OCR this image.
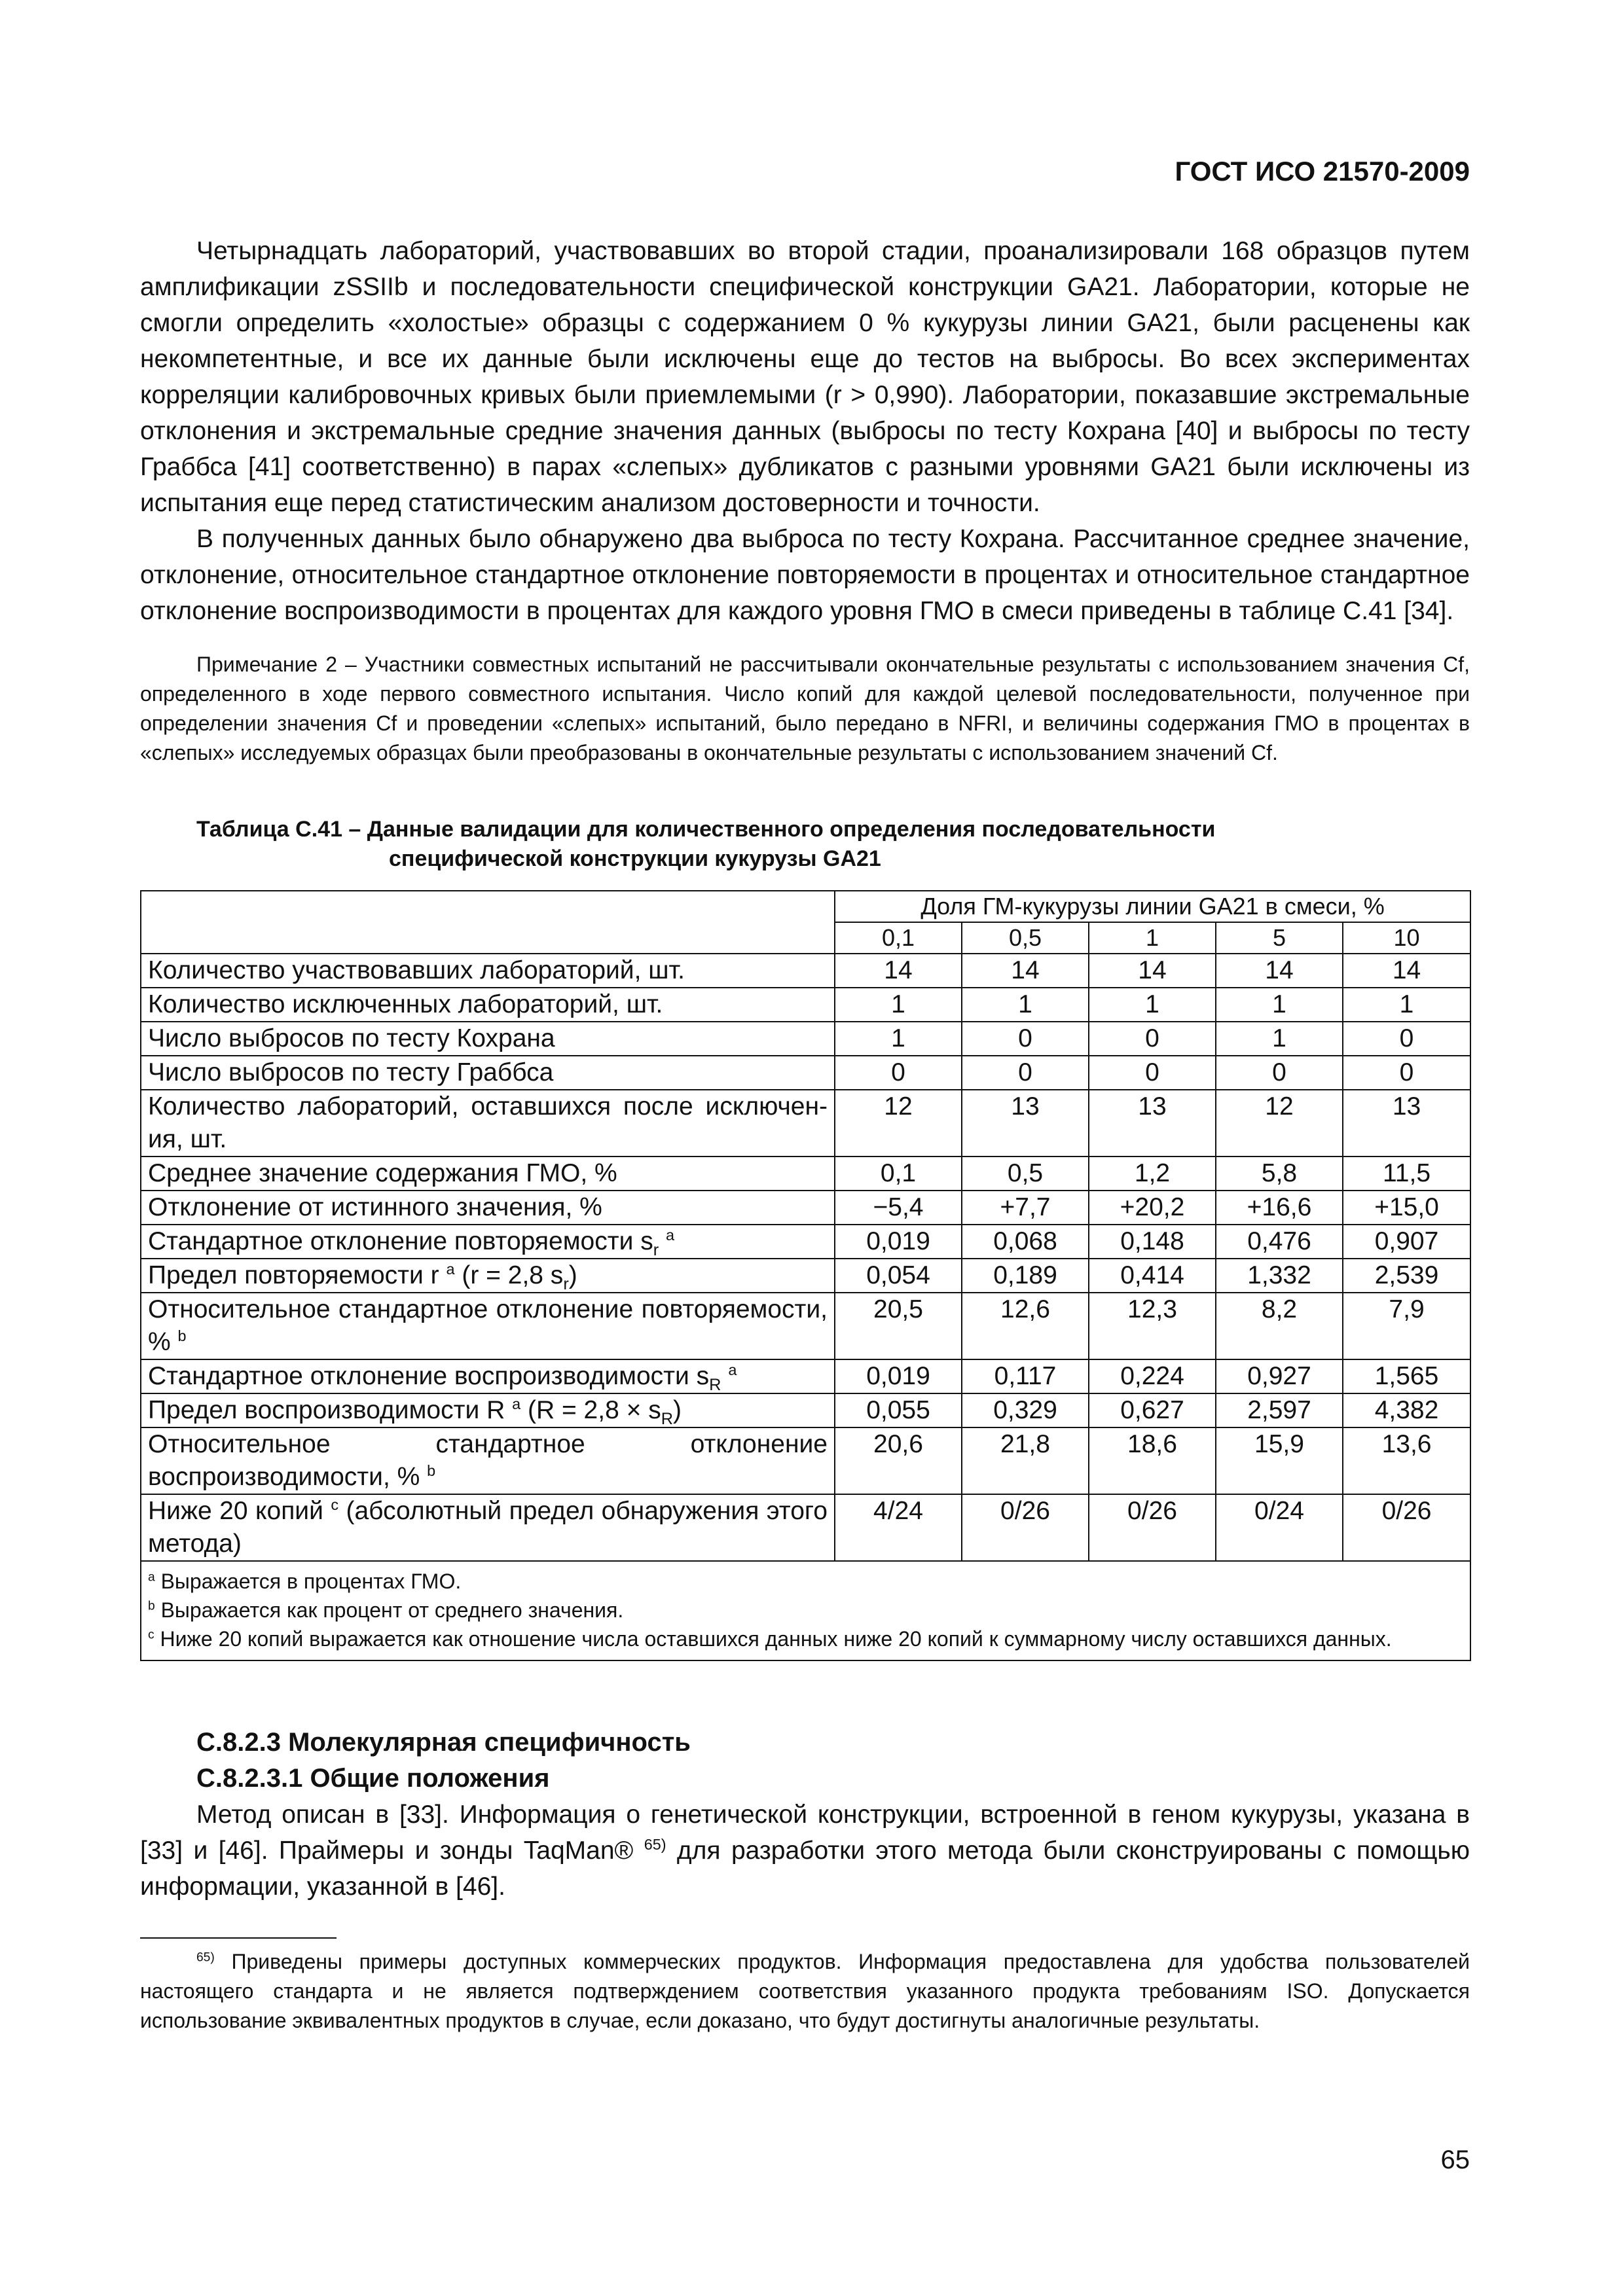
ГОСТ ИСО 21570-2009

Четырнадцать лабораторий, участвовавших во второй стадии, проанализировали 168 образцов путем амплификации zSSIIb и последовательности специфической конструкции GA21. Лаборатории, которые не смогли определить «холостые» образцы с содержанием 0 % кукурузы линии GA21, были расценены как некомпетентные, и все их данные были исключены еще до тестов на выбросы. Во всех экспериментах корреляции калибровочных кривых были приемлемыми (r > 0,990). Лаборатории, показавшие экстремальные отклонения и экстремальные средние значения данных (выбросы по тесту Кохрана [40] и выбросы по тесту Граббса [41] соответственно) в парах «слепых» дубликатов с разными уровнями GA21 были исключены из испытания еще перед статистическим анализом достоверности и точности.

В полученных данных было обнаружено два выброса по тесту Кохрана. Рассчитанное среднее значение, отклонение, относительное стандартное отклонение повторяемости в процентах и относительное стандартное отклонение воспроизводимости в процентах для каждого уровня ГМО в смеси приведены в таблице С.41 [34].

Примечание 2 – Участники совместных испытаний не рассчитывали окончательные результаты с использованием значения Cf, определенного в ходе первого совместного испытания. Число копий для каждой целевой последовательности, полученное при определении значения Cf и проведении «слепых» испытаний, было передано в NFRI, и величины содержания ГМО в процентах в «слепых» исследуемых образцах были преобразованы в окончательные результаты с использованием значений Cf.

Таблица С.41 – Данные валидации для количественного определения последовательности
специфической конструкции кукурузы GA21
	Доля ГМ-кукурузы линии GA21 в смеси, %				
	0,1	0,5	1	5	10
Количество участвовавших лабораторий, шт.	14	14	14	14	14
Количество исключенных лабораторий, шт.	1	1	1	1	1
Число выбросов по тесту Кохрана	1	0	0	1	0
Число выбросов по тесту Граббса	0	0	0	0	0
Количество лабораторий, оставшихся после исключен-ия, шт.	12	13	13	12	13
Среднее значение содержания ГМО, %	0,1	0,5	1,2	5,8	11,5
Отклонение от истинного значения, %	−5,4	+7,7	+20,2	+16,6	+15,0
Стандартное отклонение повторяемости $s_r$ $^a$	0,019	0,068	0,148	0,476	0,907
Предел повторяемости r $^a$ (r = 2,8 $s_r$)	0,054	0,189	0,414	1,332	2,539
Относительное стандартное отклонение повторяемости, % $^b$	20,5	12,6	12,3	8,2	7,9
Стандартное отклонение воспроизводимости $s_R$ $^a$	0,019	0,117	0,224	0,927	1,565
Предел воспроизводимости R $^a$ $(R = 2,8 \times s_R)$	0,055	0,329	0,627	2,597	4,382
Относительное стандартное отклонение воспроизводимости, % $^b$	20,6	21,8	18,6	15,9	13,6
Ниже 20 копий $^c$ (абсолютный предел обнаружения этого метода)	4/24	0/26	0/26	0/24	0/26

$^a$ Выражается в процентах ГМО.
$^b$ Выражается как процент от среднего значения.
$^c$ Ниже 20 копий выражается как отношение числа оставшихся данных ниже 20 копий к суммарному числу оставшихся данных.					
С.8.2.3 Молекулярная специфичность
С.8.2.3.1 Общие положения

Метод описан в [33]. Информация о генетической конструкции, встроенной в геном кукурузы, указана в [33] и [46]. Праймеры и зонды TaqMan® $^{65)}$ для разработки этого метода были сконструированы с помощью информации, указанной в [46].

$^{65)}$ Приведены примеры доступных коммерческих продуктов. Информация предоставлена для удобства пользователей настоящего стандарта и не является подтверждением соответствия указанного продукта требованиям ISO. Допускается использование эквивалентных продуктов в случае, если доказано, что будут достигнуты аналогичные результаты.

65
